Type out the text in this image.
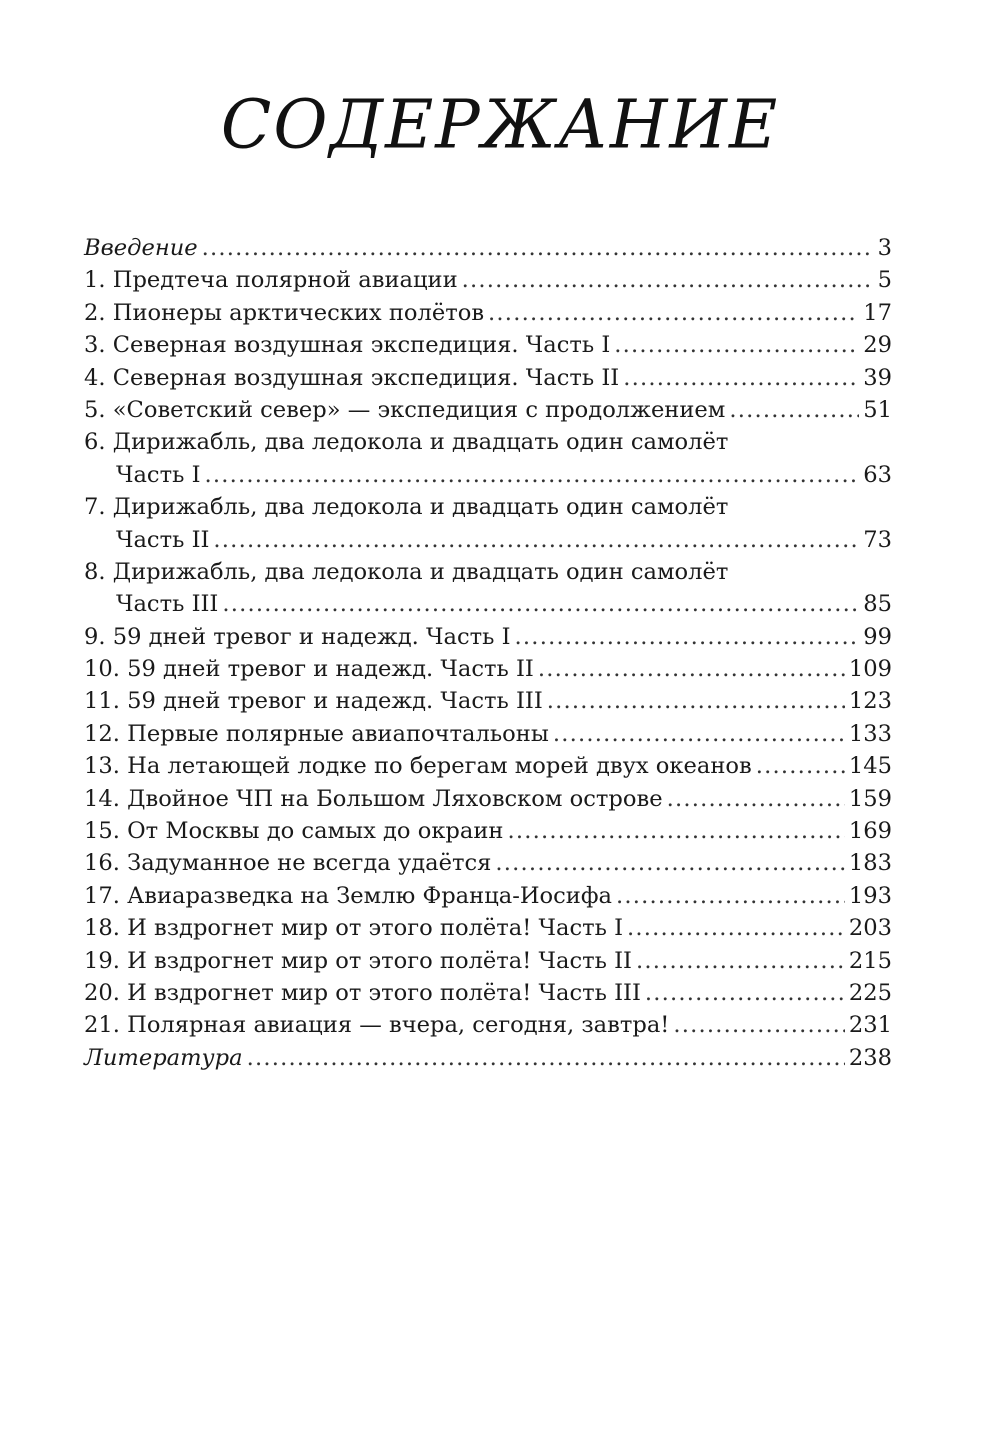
СОДЕРЖАНИЕ
Введение .....	3
1. Предтеча полярной авиации .....	5
2. Пионеры арктических полётов .....	17
3. Северная воздушная экспедиция. Часть I .....	29
4. Северная воздушная экспедиция. Часть II .....	39
5. «Советский север» — экспедиция с продолжением .....	51
6. Дирижабль, два ледокола и двадцать один самолёт
Часть I .....	63
7. Дирижабль, два ледокола и двадцать один самолёт
Часть II .....	73
8. Дирижабль, два ледокола и двадцать один самолёт
Часть III .....	85
9. 59 дней тревог и надежд. Часть I .....	99
10. 59 дней тревог и надежд. Часть II .....	109
11. 59 дней тревог и надежд. Часть III .....	123
12. Первые полярные авиапочтальоны .....	133
13. На летающей лодке по берегам морей двух океанов .....	145
14. Двойное ЧП на Большом Ляховском острове .....	159
15. От Москвы до самых до окраин .....	169
16. Задуманное не всегда удаётся .....	183
17. Авиаразведка на Землю Франца-Иосифа .....	193
18. И вздрогнет мир от этого полёта! Часть I .....	203
19. И вздрогнет мир от этого полёта! Часть II .....	215
20. И вздрогнет мир от этого полёта! Часть III .....	225
21. Полярная авиация — вчера, сегодня, завтра! .....	231
Литература .....	238
